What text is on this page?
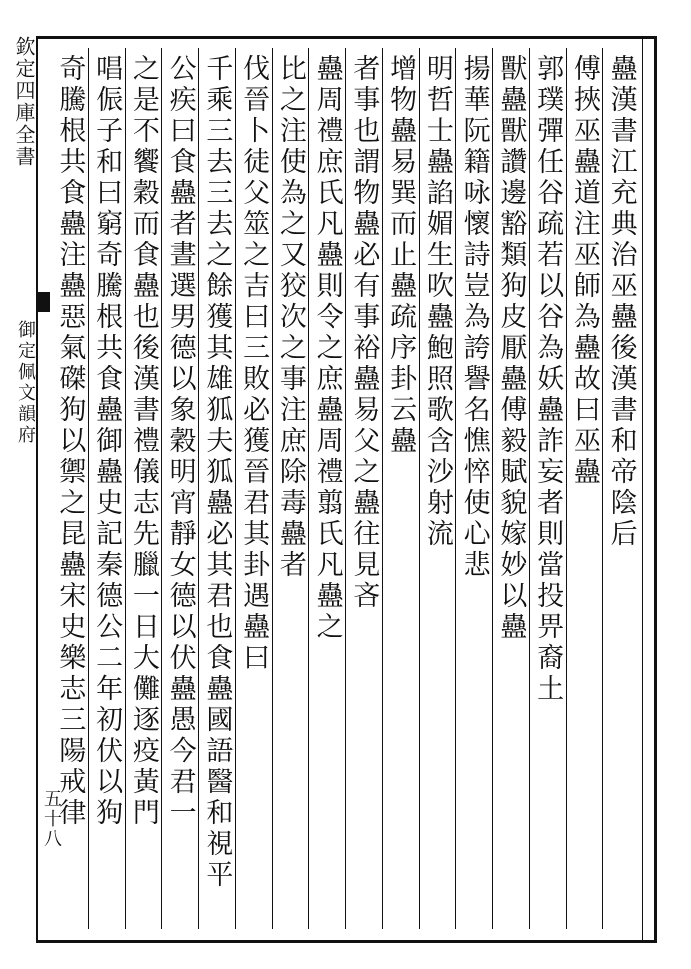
欽定四庫全書
御定佩文韻府
五十八
蠱漢書江充典治巫蠱後漢書和帝陰后
傅挾巫蠱道注巫師為蠱故曰巫蠱
郭璞彈任谷疏若以谷為妖蠱詐妄者則當投畀裔土
獸蠱獸讚邊豁類狗皮厭蠱傅毅賦貌嫁妙以蠱
揚華阮籍咏懷詩豈為誇譽名憔悴使心悲
明哲士蠱諂媚生吹蠱鮑照歌含沙射流
增物蠱易巽而止蠱疏序卦云蠱
者事也謂物蠱必有事裕蠱易父之蠱往見吝
蠱周禮庶氏凡蠱則令之庶蠱周禮翦氏凡蠱之
比之注使為之又狡次之事注庶除毒蠱者
伐晉卜徒父筮之吉曰三敗必獲晉君其卦遇蠱曰
千乘三去三去之餘獲其雄狐夫狐蠱必其君也食蠱國語醫和視平
公疾曰食蠱者晝選男德以象穀明宵靜女德以伏蠱愚今君一
之是不饗穀而食蠱也後漢書禮儀志先臘一日大儺逐疫黃門
唱侲子和曰窮奇騰根共食蠱御蠱史記秦德公二年初伏以狗
奇騰根共食蠱注蠱惡氣磔狗以禦之昆蠱宋史樂志三陽戒律
